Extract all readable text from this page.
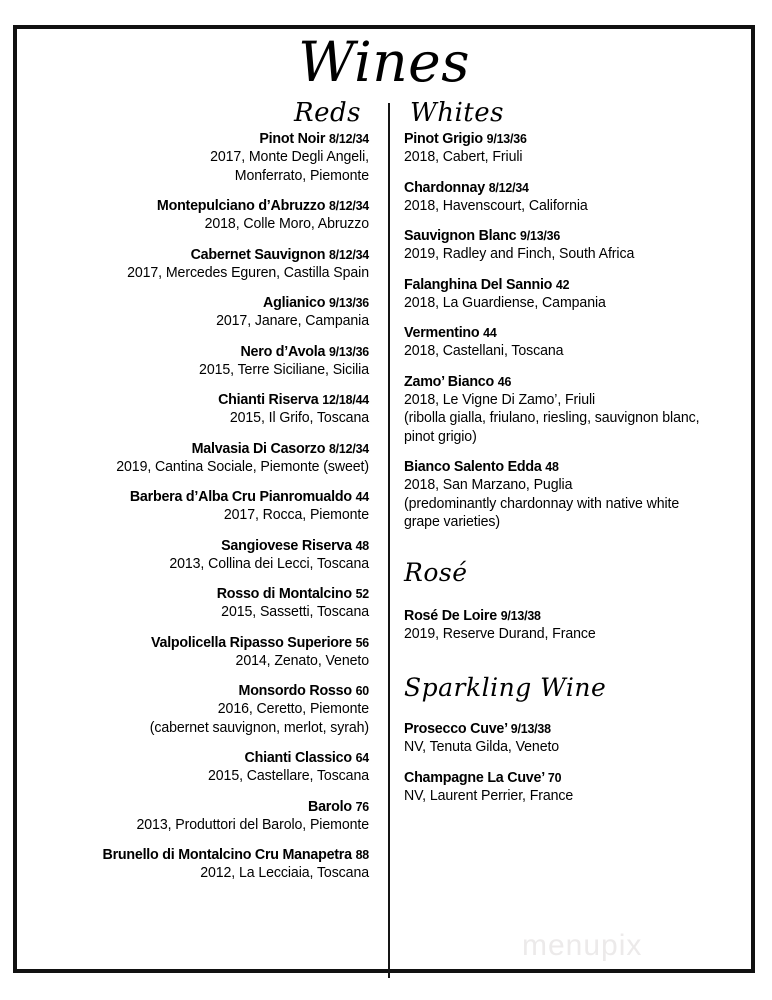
Wines
Reds
Pinot Noir 8/12/34
2017, Monte Degli Angeli,
Monferrato, Piemonte
Montepulciano d’Abruzzo 8/12/34
2018, Colle Moro, Abruzzo
Cabernet Sauvignon 8/12/34
2017, Mercedes Eguren, Castilla Spain
Aglianico 9/13/36
2017, Janare, Campania
Nero d’Avola 9/13/36
2015, Terre Siciliane, Sicilia
Chianti Riserva 12/18/44
2015, Il Grifo, Toscana
Malvasia Di Casorzo 8/12/34
2019, Cantina Sociale, Piemonte (sweet)
Barbera d’Alba Cru Pianromualdo 44
2017, Rocca, Piemonte
Sangiovese Riserva 48
2013, Collina dei Lecci, Toscana
Rosso di Montalcino 52
2015, Sassetti, Toscana
Valpolicella Ripasso Superiore 56
2014, Zenato, Veneto
Monsordo Rosso 60
2016, Ceretto, Piemonte
(cabernet sauvignon, merlot, syrah)
Chianti Classico 64
2015, Castellare, Toscana
Barolo 76
2013, Produttori del Barolo, Piemonte
Brunello di Montalcino Cru Manapetra 88
2012, La Lecciaia, Toscana
Whites
Pinot Grigio 9/13/36
2018, Cabert, Friuli
Chardonnay 8/12/34
2018, Havenscourt, California
Sauvignon Blanc 9/13/36
2019, Radley and Finch, South Africa
Falanghina Del Sannio 42
2018, La Guardiense, Campania
Vermentino 44
2018, Castellani, Toscana
Zamo’ Bianco 46
2018, Le Vigne Di Zamo’, Friuli
(ribolla gialla, friulano, riesling, sauvignon blanc,
pinot grigio)
Bianco Salento Edda 48
2018, San Marzano, Puglia
(predominantly chardonnay with native white
grape varieties)
Rosé
Rosé De Loire 9/13/38
2019, Reserve Durand, France
Sparkling Wine
Prosecco Cuve’ 9/13/38
NV, Tenuta Gilda, Veneto
Champagne La Cuve’ 70
NV, Laurent Perrier, France
menupix
